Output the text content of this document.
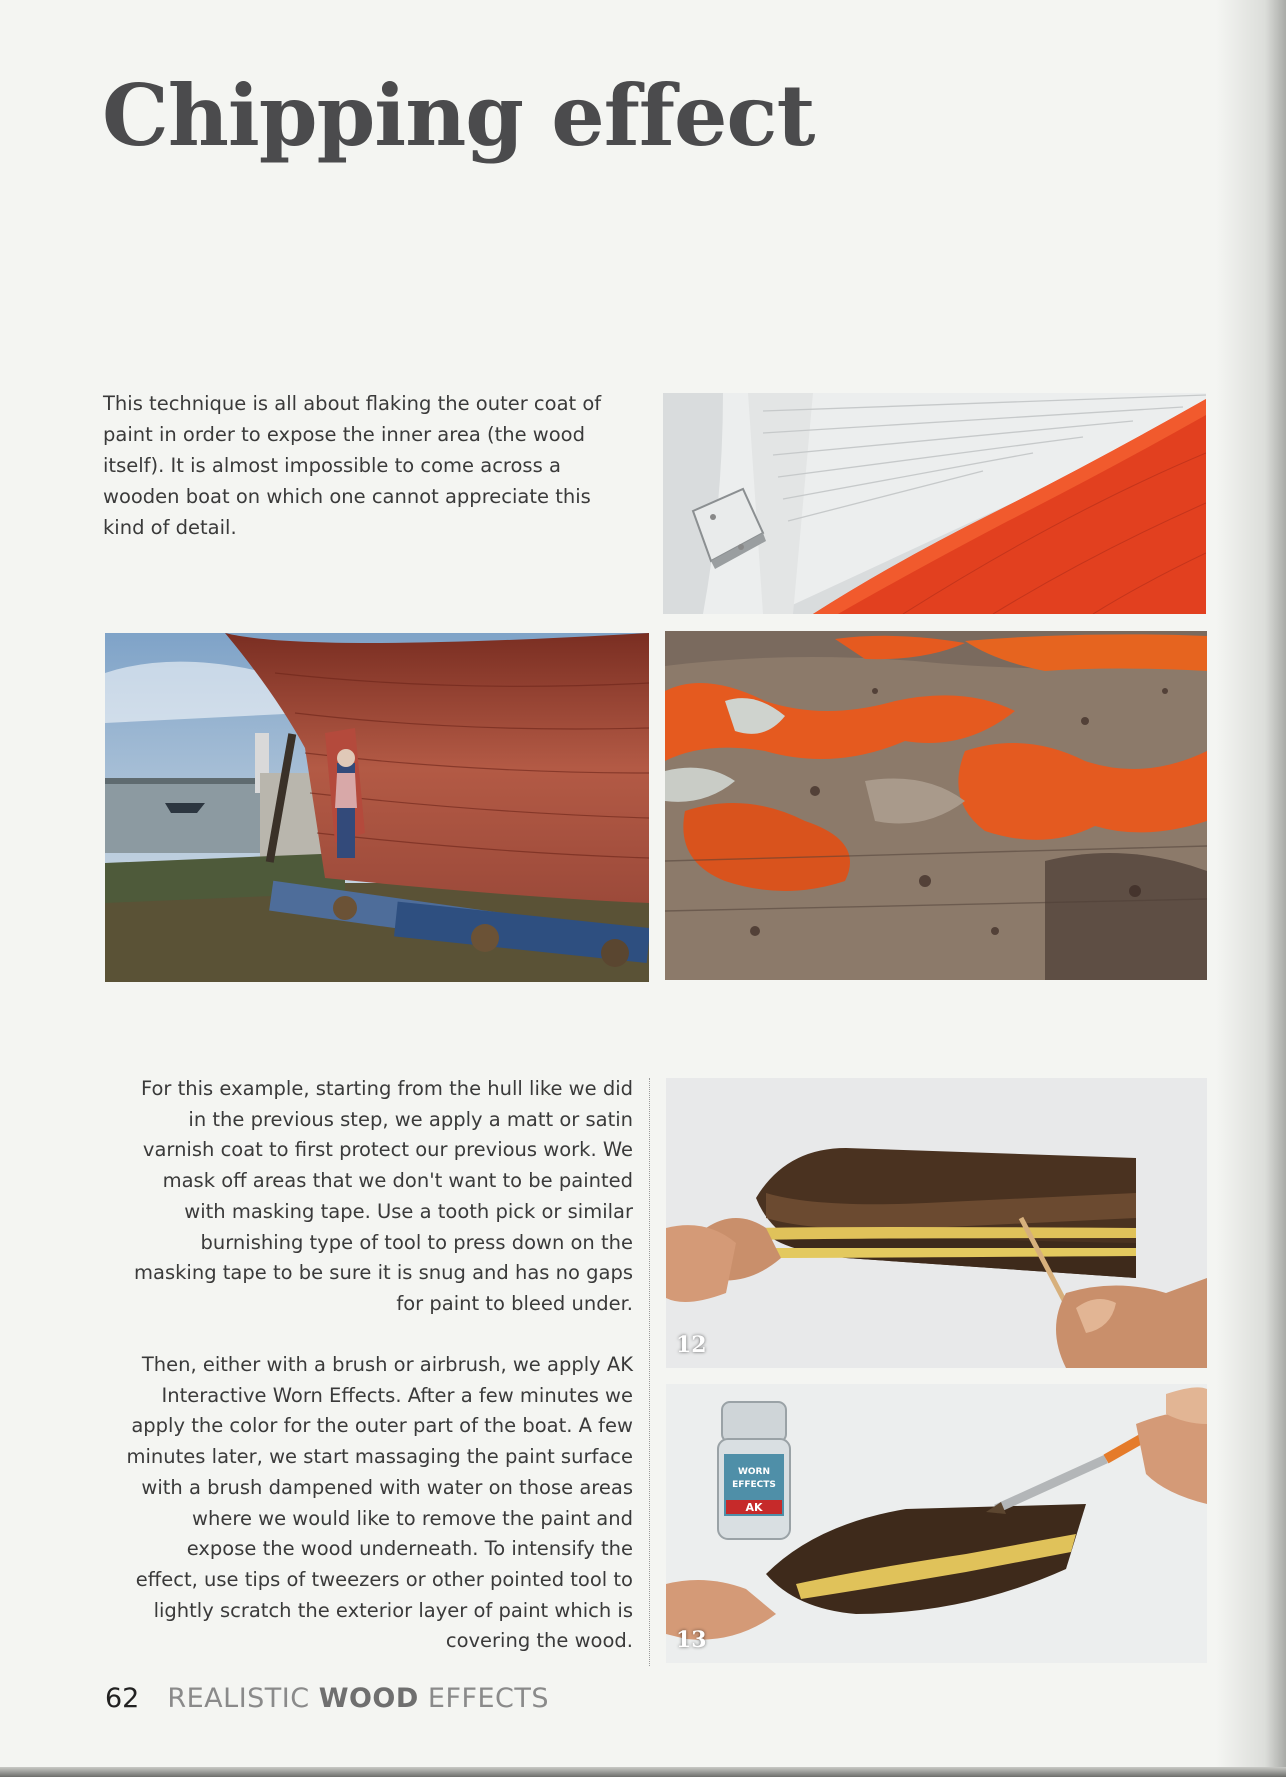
Chipping effect

This technique is all about flaking the outer coat of paint in order to expose the inner area (the wood itself). It is almost impossible to come across a wooden boat on which one cannot appreciate this kind of detail.

For this example, starting from the hull like we did in the previous step, we apply a matt or satin varnish coat to first protect our previous work. We mask off areas that we don't want to be painted with masking tape. Use a tooth pick or similar burnishing type of tool to press down on the masking tape to be sure it is snug and has no gaps for paint to bleed under.

Then, either with a brush or airbrush, we apply AK Interactive Worn Effects. After a few minutes we apply the color for the outer part of the boat. A few minutes later, we start massaging the paint surface with a brush dampened with water on those areas where we would like to remove the paint and expose the wood underneath. To intensify the effect, use tips of tweezers or other pointed tool to lightly scratch the exterior layer of paint which is covering the wood.

12
WORN
EFFECTS
AK
13
62 REALISTIC WOOD EFFECTS
